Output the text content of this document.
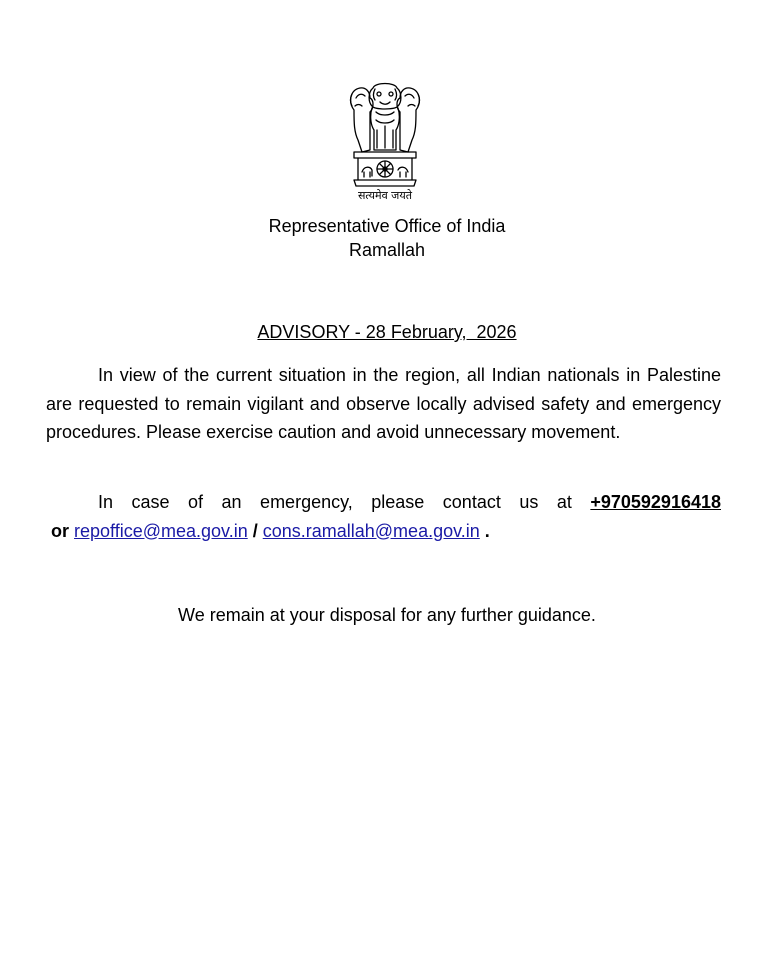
सत्यमेव जयते
Representative Office of India
Ramallah
ADVISORY - 28 February,  2026

In view of the current situation in the region, all Indian nationals in Palestine are requested to remain vigilant and observe locally advised safety and emergency procedures. Please exercise caution and avoid unnecessary movement.

In case of an emergency, please contact us at +970592916418 or repoffice@mea.gov.in / cons.ramallah@mea.gov.in .

We remain at your disposal for any further guidance.
